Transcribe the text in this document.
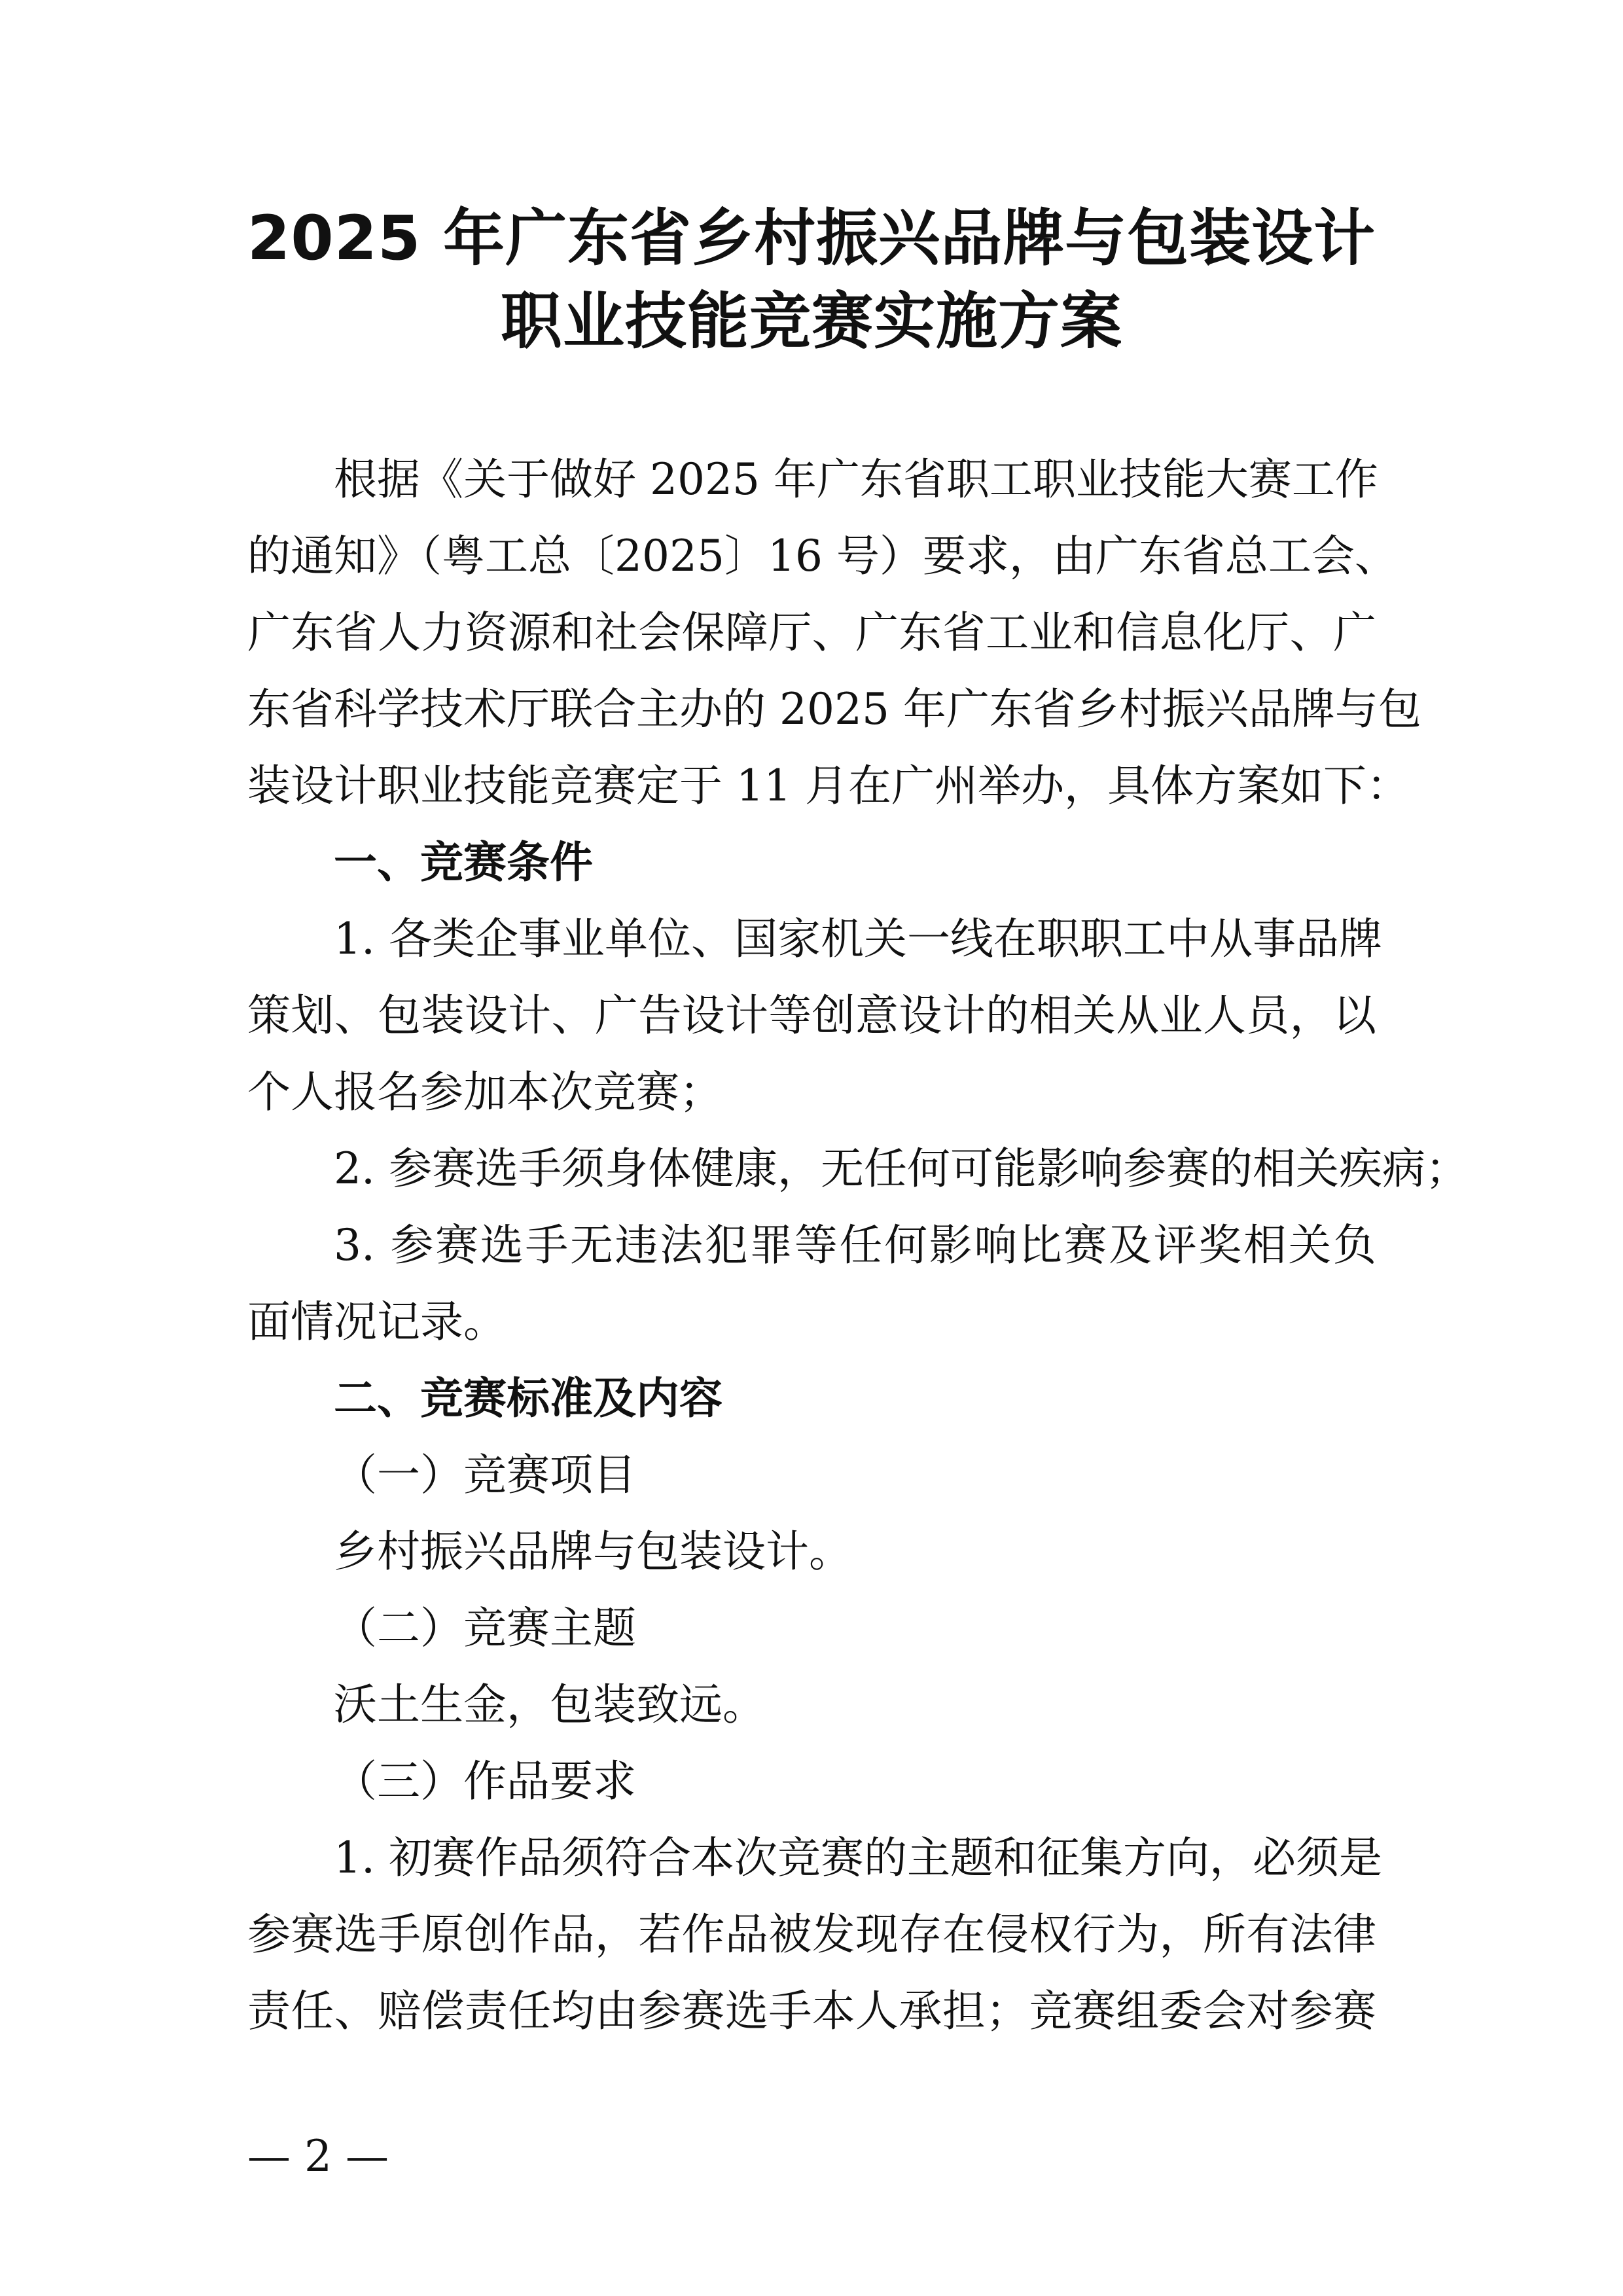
2025 年广东省乡村振兴品牌与包装设计
职业技能竞赛实施方案
根据《关于做好 2025 年广东省职工职业技能大赛工作
的通知》（粤工总〔2025〕16 号）要求，由广东省总工会、
广东省人力资源和社会保障厅、广东省工业和信息化厅、广
东省科学技术厅联合主办的 2025 年广东省乡村振兴品牌与包
装设计职业技能竞赛定于 11 月在广州举办，具体方案如下：
一、竞赛条件
1. 各类企事业单位、国家机关一线在职职工中从事品牌
策划、包装设计、广告设计等创意设计的相关从业人员，以
个人报名参加本次竞赛；
2. 参赛选手须身体健康，无任何可能影响参赛的相关疾病；
3. 参赛选手无违法犯罪等任何影响比赛及评奖相关负
面情况记录。
二、竞赛标准及内容
（一）竞赛项目
乡村振兴品牌与包装设计。
（二）竞赛主题
沃土生金，包装致远。
（三）作品要求
1. 初赛作品须符合本次竞赛的主题和征集方向，必须是
参赛选手原创作品，若作品被发现存在侵权行为，所有法律
责任、赔偿责任均由参赛选手本人承担；竞赛组委会对参赛
— 2 —
